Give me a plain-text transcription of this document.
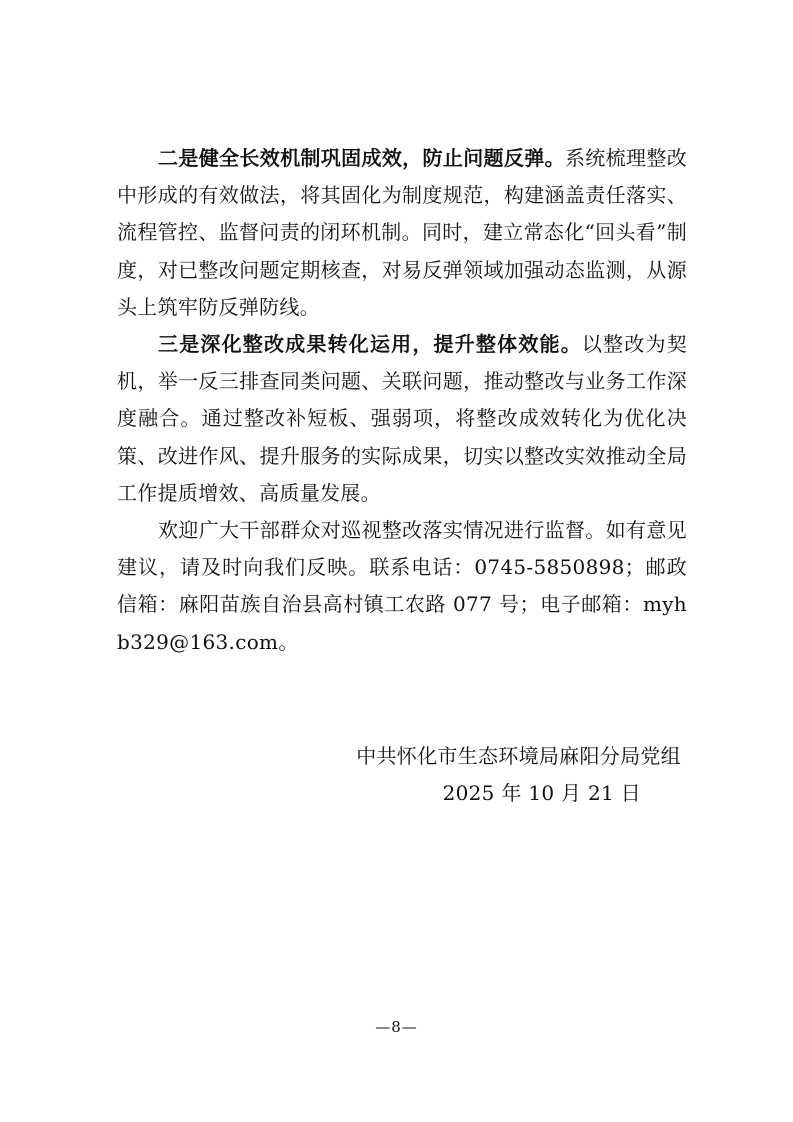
二是健全长效机制巩固成效，防止问题反弹。系统梳理整改中形成的有效做法，将其固化为制度规范，构建涵盖责任落实、流程管控、监督问责的闭环机制。同时，建立常态化“回头看”制度，对已整改问题定期核查，对易反弹领域加强动态监测，从源头上筑牢防反弹防线。

三是深化整改成果转化运用，提升整体效能。以整改为契机，举一反三排查同类问题、关联问题，推动整改与业务工作深度融合。通过整改补短板、强弱项，将整改成效转化为优化决策、改进作风、提升服务的实际成果，切实以整改实效推动全局工作提质增效、高质量发展。

欢迎广大干部群众对巡视整改落实情况进行监督。如有意见建议，请及时向我们反映。联系电话：0745-5850898；邮政信箱：麻阳苗族自治县高村镇工农路 077 号；电子邮箱：myhb329@163.com。

中共怀化市生态环境局麻阳分局党组
2025 年 10 月 21 日
—8—
